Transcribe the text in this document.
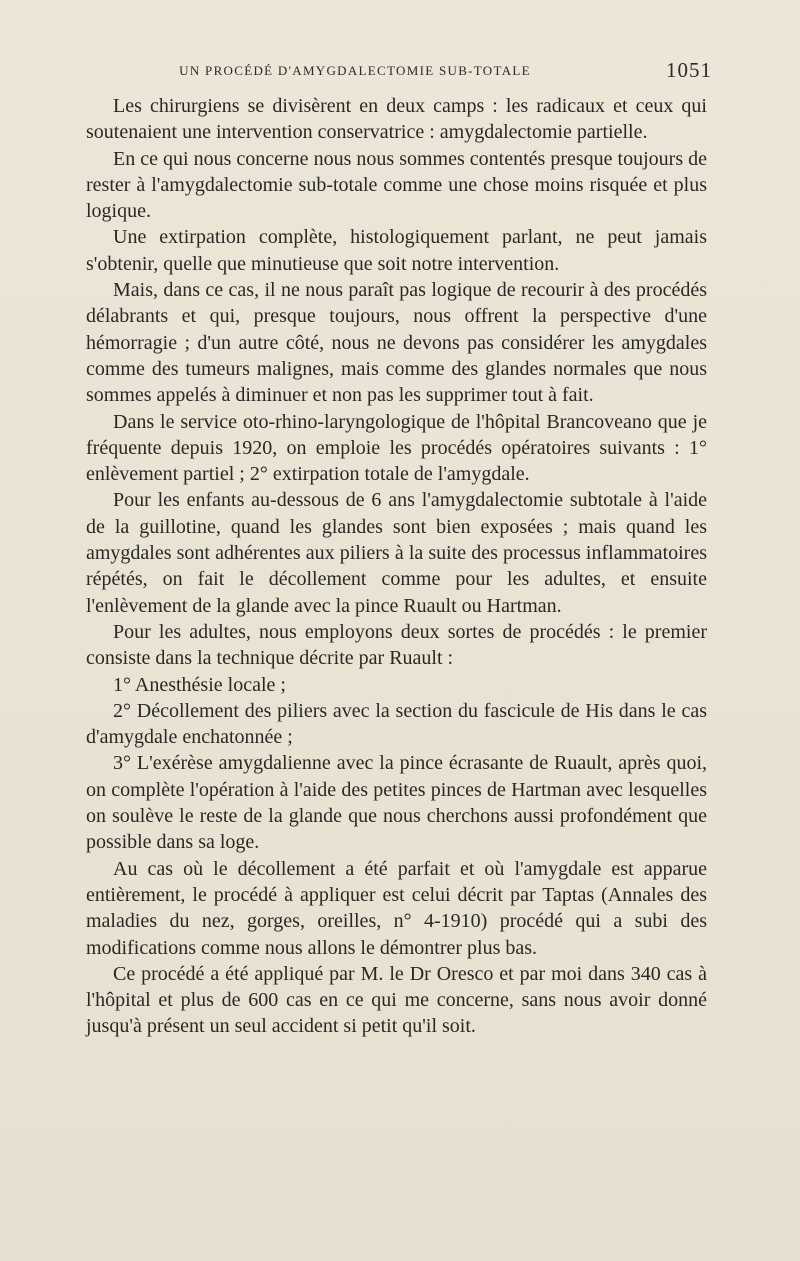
UN PROCÉDÉ D'AMYGDALECTOMIE SUB-TOTALE	1051

Les chirurgiens se divisèrent en deux camps : les radicaux et ceux qui soutenaient une intervention conservatrice : amygdalectomie partielle.

En ce qui nous concerne nous nous sommes contentés presque toujours de rester à l'amygdalectomie sub-totale comme une chose moins risquée et plus logique.

Une extirpation complète, histologiquement parlant, ne peut jamais s'obtenir, quelle que minutieuse que soit notre intervention.

Mais, dans ce cas, il ne nous paraît pas logique de recourir à des procédés délabrants et qui, presque toujours, nous offrent la perspective d'une hémorragie ; d'un autre côté, nous ne devons pas considérer les amygdales comme des tumeurs malignes, mais comme des glandes normales que nous sommes appelés à diminuer et non pas les supprimer tout à fait.

Dans le service oto-rhino-laryngologique de l'hôpital Brancoveano que je fréquente depuis 1920, on emploie les procédés opératoires suivants : 1° enlèvement partiel ; 2° extirpation totale de l'amygdale.

Pour les enfants au-dessous de 6 ans l'amygdalectomie subtotale à l'aide de la guillotine, quand les glandes sont bien exposées ; mais quand les amygdales sont adhérentes aux piliers à la suite des processus inflammatoires répétés, on fait le décollement comme pour les adultes, et ensuite l'enlèvement de la glande avec la pince Ruault ou Hartman.

Pour les adultes, nous employons deux sortes de procédés : le premier consiste dans la technique décrite par Ruault :

1° Anesthésie locale ;

2° Décollement des piliers avec la section du fascicule de His dans le cas d'amygdale enchatonnée ;

3° L'exérèse amygdalienne avec la pince écrasante de Ruault, après quoi, on complète l'opération à l'aide des petites pinces de Hartman avec lesquelles on soulève le reste de la glande que nous cherchons aussi profondément que possible dans sa loge.

Au cas où le décollement a été parfait et où l'amygdale est apparue entièrement, le procédé à appliquer est celui décrit par Taptas (Annales des maladies du nez, gorges, oreilles, n° 4-1910) procédé qui a subi des modifications comme nous allons le démontrer plus bas.

Ce procédé a été appliqué par M. le Dr Oresco et par moi dans 340 cas à l'hôpital et plus de 600 cas en ce qui me concerne, sans nous avoir donné jusqu'à présent un seul accident si petit qu'il soit.
